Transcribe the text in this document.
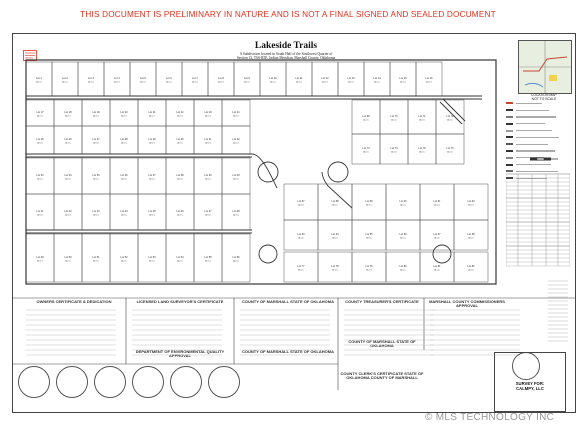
THIS DOCUMENT IS PRELIMINARY IN NATURE AND IS NOT A FINAL SIGNED AND SEALED DOCUMENT
Lakeside Trails
A Subdivision located in South Half of the Southwest Quarter of
Section 13, T6S-R5E, Indian Meridian, Marshall County, Oklahoma
Lot 1
Acres
Lot 2
Acres
Lot 3
Acres
Lot 4
Acres
Lot 5
Acres
Lot 6
Acres
Lot 7
Acres
Lot 8
Acres
Lot 9
Acres
Lot 10
Acres
Lot 11
Acres
Lot 12
Acres
Lot 13
Acres
Lot 14
Acres
Lot 15
Acres
Lot 16
Acres
Lot 17
Acres
Lot 18
Acres
Lot 19
Acres
Lot 20
Acres
Lot 21
Acres
Lot 22
Acres
Lot 23
Acres
Lot 24
Acres
Lot 25
Acres
Lot 26
Acres
Lot 27
Acres
Lot 28
Acres
Lot 29
Acres
Lot 30
Acres
Lot 31
Acres
Lot 32
Acres
Lot 33
Acres
Lot 34
Acres
Lot 35
Acres
Lot 36
Acres
Lot 37
Acres
Lot 38
Acres
Lot 39
Acres
Lot 40
Acres
Lot 41
Acres
Lot 42
Acres
Lot 43
Acres
Lot 44
Acres
Lot 45
Acres
Lot 46
Acres
Lot 47
Acres
Lot 48
Acres
Lot 49
Acres
Lot 50
Acres
Lot 51
Acres
Lot 52
Acres
Lot 53
Acres
Lot 54
Acres
Lot 55
Acres
Lot 56
Acres
Lot 57
Acres
Lot 58
Acres
Lot 59
Acres
Lot 60
Acres
Lot 61
Acres
Lot 62
Acres
Lot 63
Acres
Lot 64
Acres
Lot 65
Acres
Lot 66
Acres
Lot 67
Acres
Lot 68
Acres
Lot 69
Acres
Lot 70
Acres
Lot 71
Acres
Lot 72
Acres
Lot 73
Acres
Lot 74
Acres
Lot 75
Acres
Lot 76
Acres
Lot 77
Acres
Lot 78
Acres
Lot 79
Acres
Lot 80
Acres
Lot 81
Acres
Lot 82
Acres
LOCATION MAP
NOT TO SCALE
OWNERS CERTIFICATE & DEDICATION	LICENSED LAND SURVEYOR'S CERTIFICATE
DEPARTMENT OF ENVIRONMENTAL QUALITY APPROVAL
COUNTY OF MARSHALL STATE OF OKLAHOMA
COUNTY OF MARSHALL STATE OF OKLAHOMA
COUNTY TREASURER'S CERTIFICATE
COUNTY OF MARSHALL STATE OF OKLAHOMA
COUNTY CLERK'S CERTIFICATE STATE OF OKLAHOMA COUNTY OF MARSHALL
MARSHALL COUNTY COMMISSIONERS APPROVAL
SURVEY FOR:
CALMPY, LLC
© MLS TECHNOLOGY INC
